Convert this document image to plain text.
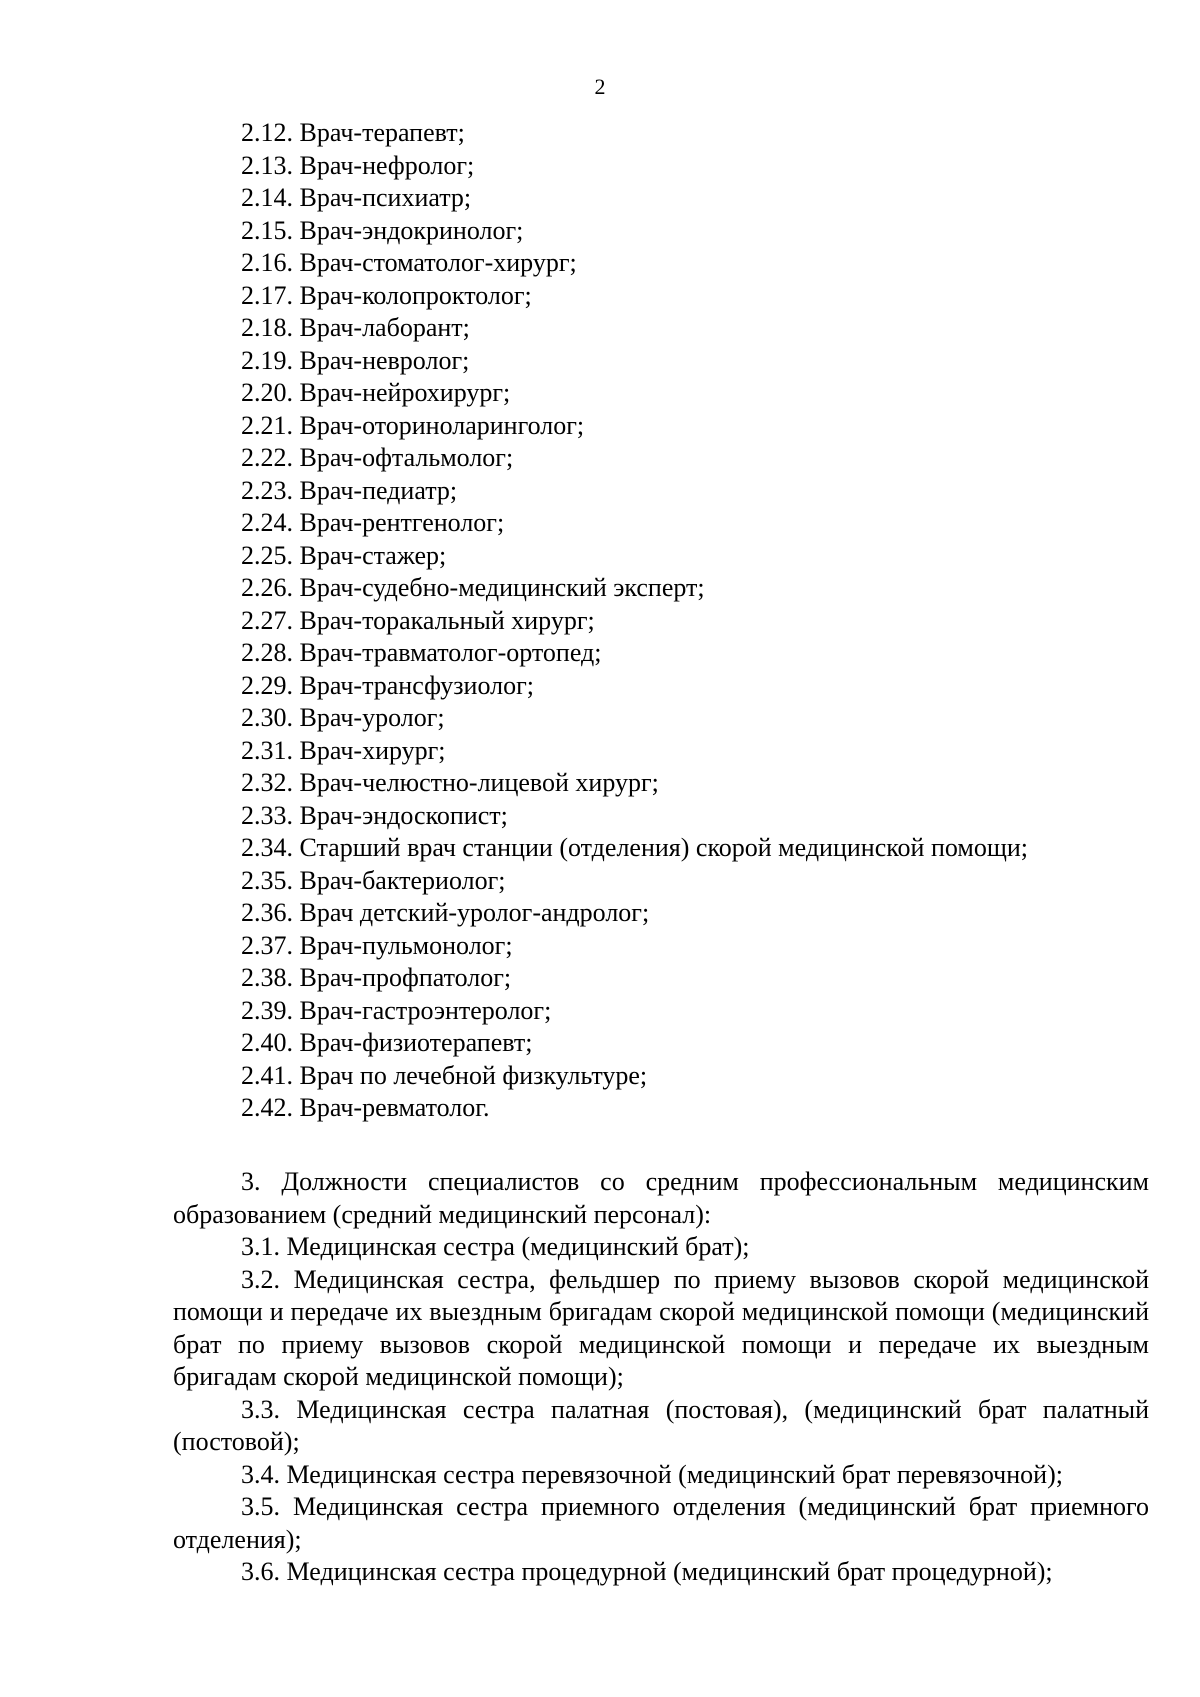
2
2.12. Врач-терапевт;
2.13. Врач-нефролог;
2.14. Врач-психиатр;
2.15. Врач-эндокринолог;
2.16. Врач-стоматолог-хирург;
2.17. Врач-колопроктолог;
2.18. Врач-лаборант;
2.19. Врач-невролог;
2.20. Врач-нейрохирург;
2.21. Врач-оториноларинголог;
2.22. Врач-офтальмолог;
2.23. Врач-педиатр;
2.24. Врач-рентгенолог;
2.25. Врач-стажер;
2.26. Врач-судебно-медицинский эксперт;
2.27. Врач-торакальный хирург;
2.28. Врач-травматолог-ортопед;
2.29. Врач-трансфузиолог;
2.30. Врач-уролог;
2.31. Врач-хирург;
2.32. Врач-челюстно-лицевой хирург;
2.33. Врач-эндоскопист;
2.34. Старший врач станции (отделения) скорой медицинской помощи;
2.35. Врач-бактериолог;
2.36. Врач детский-уролог-андролог;
2.37. Врач-пульмонолог;
2.38. Врач-профпатолог;
2.39. Врач-гастроэнтеролог;
2.40. Врач-физиотерапевт;
2.41. Врач по лечебной физкультуре;
2.42. Врач-ревматолог.

3. Должности специалистов со средним профессиональным медицинским образованием (средний медицинский персонал):

3.1. Медицинская сестра (медицинский брат);

3.2. Медицинская сестра, фельдшер по приему вызовов скорой медицинской помощи и передаче их выездным бригадам скорой медицинской помощи (медицинский брат по приему вызовов скорой медицинской помощи и передаче их выездным бригадам скорой медицинской помощи);

3.3. Медицинская сестра палатная (постовая), (медицинский брат палатный (постовой);

3.4. Медицинская сестра перевязочной (медицинский брат перевязочной);

3.5. Медицинская сестра приемного отделения (медицинский брат приемного отделения);

3.6. Медицинская сестра процедурной (медицинский брат процедурной);
